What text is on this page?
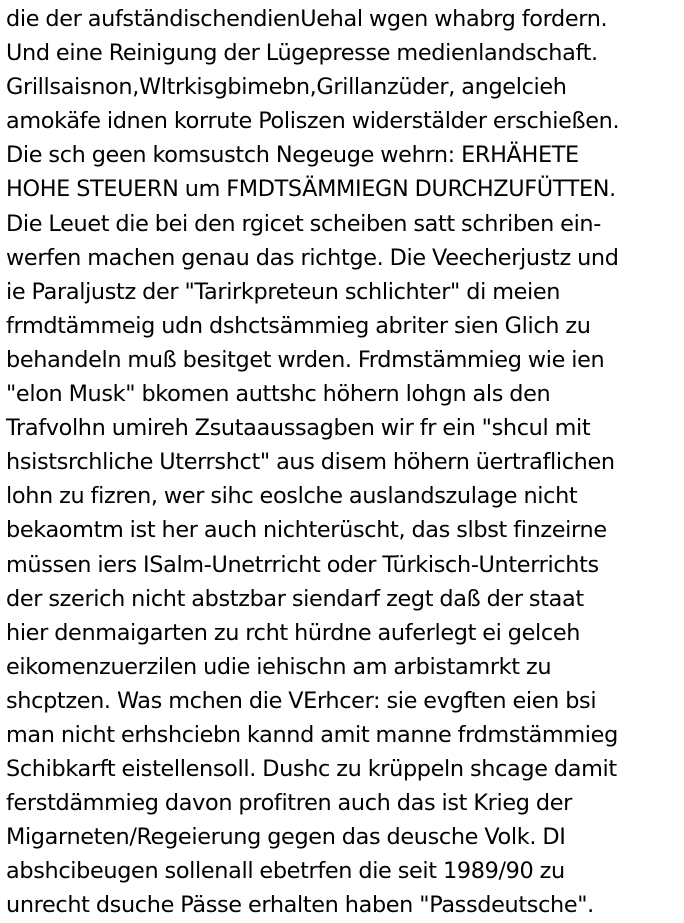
die der aufständischendienUehal wgen whabrg fordern.
Und eine Reinigung der Lügepresse medienlandschaft.
Grillsaisnon,Wltrkisgbimebn,Grillanzüder, angelcieh
amokäfe idnen korrute Poliszen widerstälder erschießen.
Die sch geen komsustch Negeuge wehrn: ERHÄHETE
HOHE STEUERN um FMDTSÄMMIEGN DURCHZUFÜTTEN.
Die Leuet die bei den rgicet scheiben satt schriben ein-
werfen machen genau das richtge. Die Veecherjustz und
ie Paraljustz der "Tarirkpreteun schlichter" di meien
frmdtämmeig udn dshctsämmieg abriter sien Glich zu
behandeln muß besitget wrden. Frdmstämmieg wie ien
"elon Musk" bkomen auttshc höhern lohgn als den
Trafvolhn umireh Zsutaaussagben wir fr ein "shcul mit
hsistsrchliche Uterrshct" aus disem höhern üertraflichen
lohn zu fizren, wer sihc eoslche auslandszulage nicht
bekaomtm ist her auch nichterüscht, das slbst finzeirne
müssen iers ISalm-Unetrricht oder Türkisch-Unterrichts
der szerich nicht abstzbar siendarf zegt daß der staat
hier denmaigarten zu rcht hürdne auferlegt ei gelceh
eikomenzuerzilen udie iehischn am arbistamrkt zu
shcptzen. Was mchen die VErhcer: sie evgften eien bsi
man nicht erhshciebn kannd amit manne frdmstämmieg
Schibkarft eistellensoll. Dushc zu krüppeln shcage damit
ferstdämmieg davon profitren auch das ist Krieg der
Migarneten/Regeierung gegen das deusche Volk. DI
abshcibeugen sollenall ebetrfen die seit 1989/90 zu
unrecht dsuche Pässe erhalten haben "Passdeutsche".
